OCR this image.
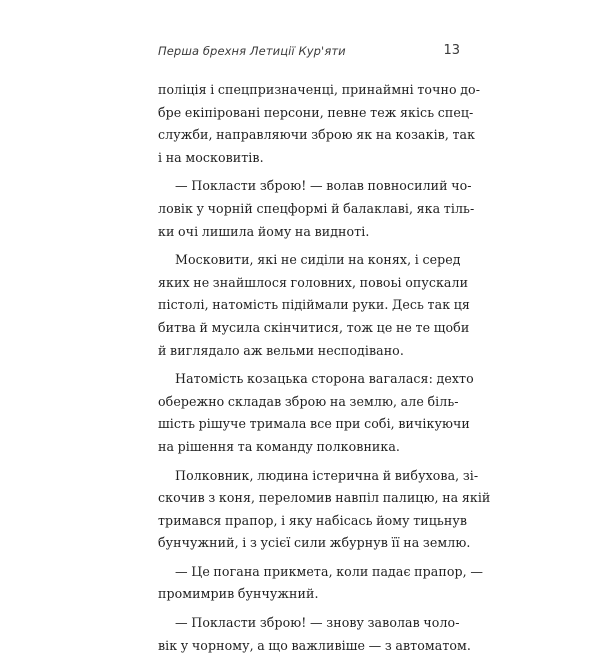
Перша брехня Летиції Кур'яти	13
поліція і спецпризначенці, принаймні точно до-
бре екіпіровані персони, певне теж якісь спец-
служби, направляючи зброю як на козаків, так
і на московитів.
— Покласти зброю! — волав повносилий чо-
ловік у чорній спецформі й балаклаві, яка тіль-
ки очі лишила йому на видноті.
Московити, які не сиділи на конях, і серед
яких не знайшлося головних, повоьі опускали
пістолі, натомість підіймали руки. Десь так ця
битва й мусила скінчитися, тож це не те щоби
й виглядало аж вельми несподівано.
Натомість козацька сторона вагалася: дехто
обережно складав зброю на землю, але біль-
шість рішуче тримала все при собі, вичікуючи
на рішення та команду полковника.
Полковник, людина істерична й вибухова, зі-
скочив з коня, переломив навпіл палицю, на якій
тримався прапор, і яку набісась йому тицьнув
бунчужний, і з усієї сили жбурнув її на землю.
— Це погана прикмета, коли падає прапор, —
промимрив бунчужний.
— Покласти зброю! — знову заволав чоло-
вік у чорному, а що важливіше — з автоматом.
